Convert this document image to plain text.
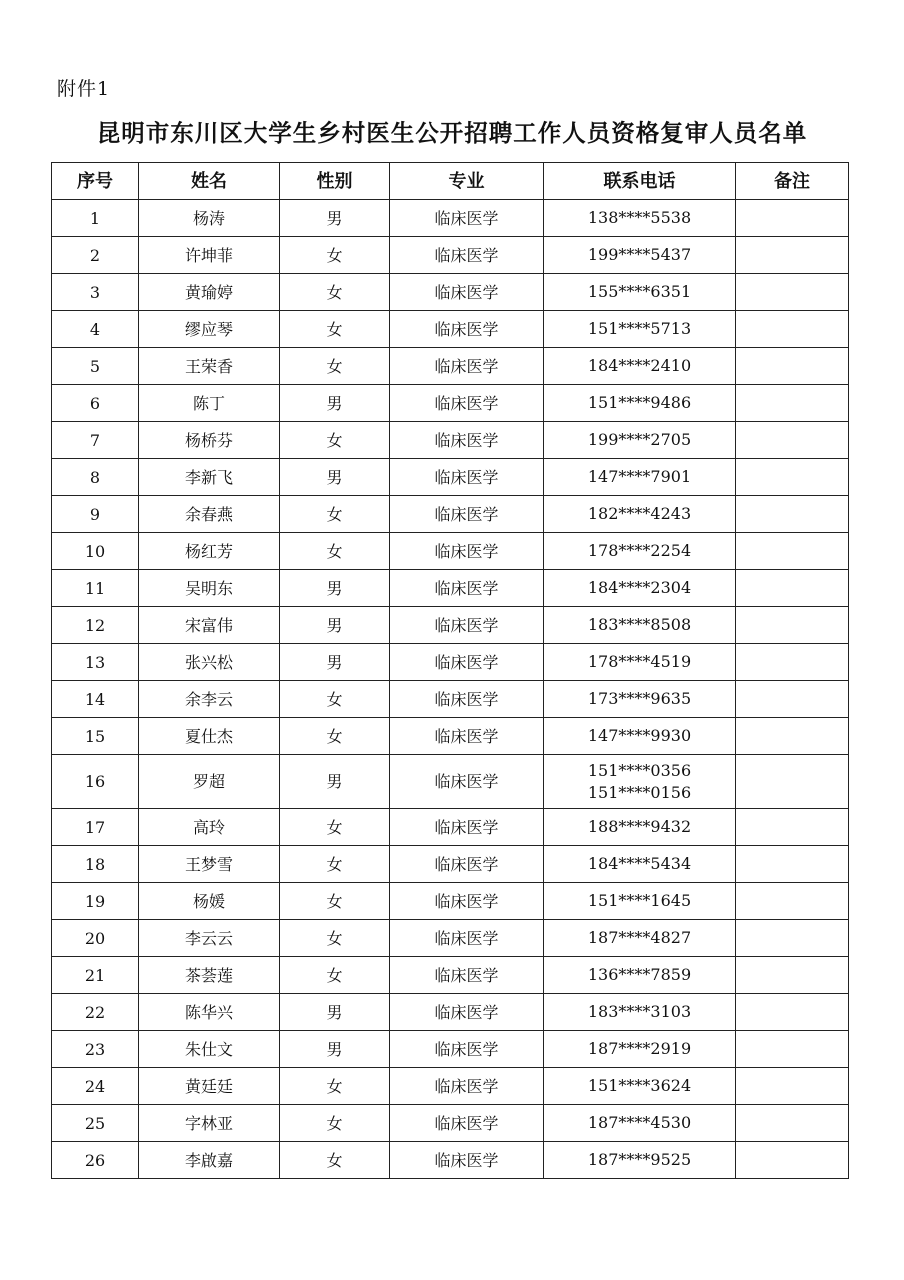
附件1
昆明市东川区大学生乡村医生公开招聘工作人员资格复审人员名单
序号	姓名	性别	专业	联系电话	备注
1	杨涛	男	临床医学	138****5538	

2	许坤菲	女	临床医学	199****5437	

3	黄瑜婷	女	临床医学	155****6351	

4	缪应琴	女	临床医学	151****5713	

5	王荣香	女	临床医学	184****2410	

6	陈丁	男	临床医学	151****9486	

7	杨桥芬	女	临床医学	199****2705	

8	李新飞	男	临床医学	147****7901	

9	余春燕	女	临床医学	182****4243	

10	杨红芳	女	临床医学	178****2254	

11	吴明东	男	临床医学	184****2304	

12	宋富伟	男	临床医学	183****8508	

13	张兴松	男	临床医学	178****4519	

14	余李云	女	临床医学	173****9635	

15	夏仕杰	女	临床医学	147****9930	

16	罗超	男	临床医学	151****0356
151****0156	

17	高玲	女	临床医学	188****9432	

18	王梦雪	女	临床医学	184****5434	

19	杨媛	女	临床医学	151****1645	

20	李云云	女	临床医学	187****4827	

21	茶荟莲	女	临床医学	136****7859	

22	陈华兴	男	临床医学	183****3103	

23	朱仕文	男	临床医学	187****2919	

24	黄廷廷	女	临床医学	151****3624	

25	字林亚	女	临床医学	187****4530	

26	李啟嘉	女	临床医学	187****9525	
